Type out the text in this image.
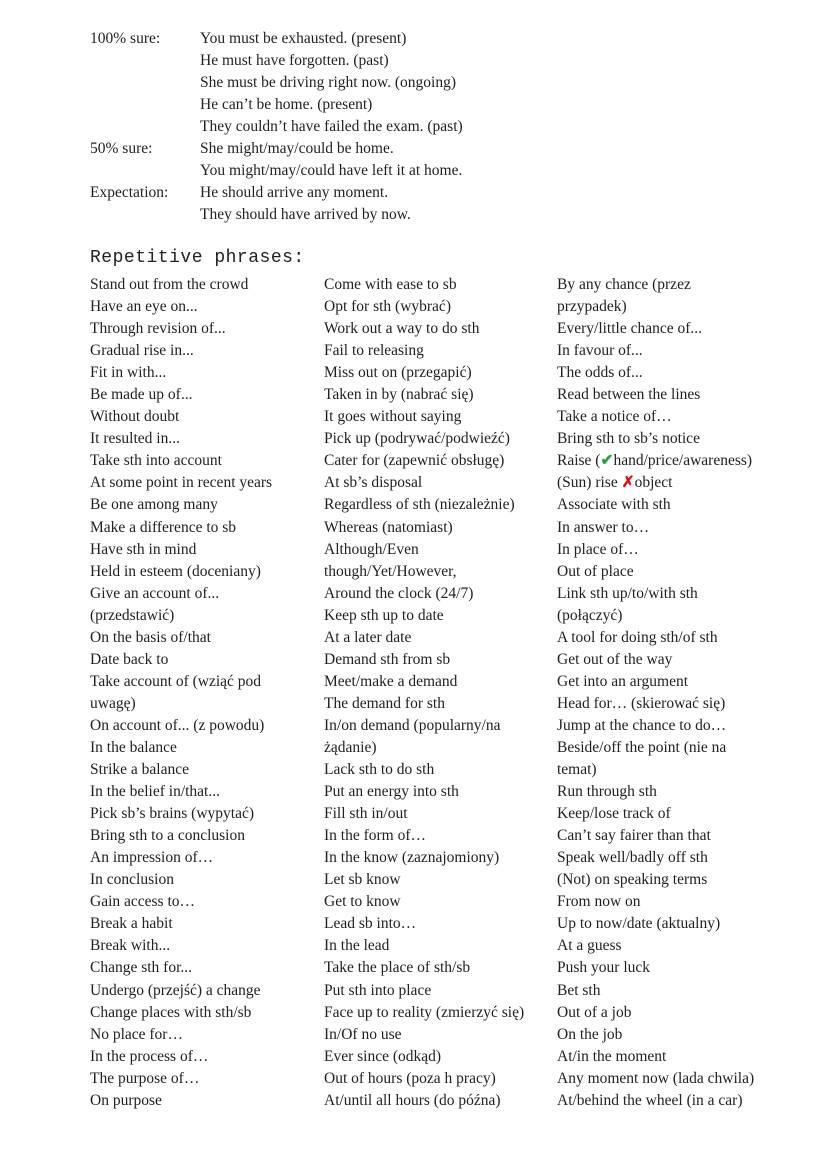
100% sure:	You must be exhausted. (present)
He must have forgotten. (past)
She must be driving right now. (ongoing)
He can’t be home. (present)
They couldn’t have failed the exam. (past)
50% sure:	She might/may/could be home.
You might/may/could have left it at home.
Expectation: He should arrive any moment.
They should have arrived by now.
Repetitive phrases:
Stand out from the crowd
Have an eye on...
Through revision of...
Gradual rise in...
Fit in with...
Be made up of...
Without doubt
It resulted in...
Take sth into account
At some point in recent years
Be one among many
Make a difference to sb
Have sth in mind
Held in esteem (doceniany)
Give an account of...
(przedstawić)
On the basis of/that
Date back to
Take account of (wziąć pod
uwagę)
On account of... (z powodu)
In the balance
Strike a balance
In the belief in/that...
Pick sb’s brains (wypytać)
Bring sth to a conclusion
An impression of…
In conclusion
Gain access to…
Break a habit
Break with...
Change sth for...
Undergo (przejść) a change
Change places with sth/sb
No place for…
In the process of…
The purpose of…
On purpose
Come with ease to sb
Opt for sth (wybrać)
Work out a way to do sth
Fail to releasing
Miss out on (przegapić)
Taken in by (nabrać się)
It goes without saying
Pick up (podrywać/podwieźć)
Cater for (zapewnić obsługę)
At sb’s disposal
Regardless of sth (niezależnie)
Whereas (natomiast)
Although/Even
though/Yet/However,
Around the clock (24/7)
Keep sth up to date
At a later date
Demand sth from sb
Meet/make a demand
The demand for sth
In/on demand (popularny/na
żądanie)
Lack sth to do sth
Put an energy into sth
Fill sth in/out
In the form of…
In the know (zaznajomiony)
Let sb know
Get to know
Lead sb into…
In the lead
Take the place of sth/sb
Put sth into place
Face up to reality (zmierzyć się)
In/Of no use
Ever since (odkąd)
Out of hours (poza h pracy)
At/until all hours (do późna)
By any chance (przez
przypadek)
Every/little chance of...
In favour of...
The odds of...
Read between the lines
Take a notice of…
Bring sth to sb’s notice
Raise (✔hand/price/awareness)
(Sun) rise ✗object
Associate with sth
In answer to…
In place of…
Out of place
Link sth up/to/with sth
(połączyć)
A tool for doing sth/of sth
Get out of the way
Get into an argument
Head for… (skierować się)
Jump at the chance to do…
Beside/off the point (nie na
temat)
Run through sth
Keep/lose track of
Can’t say fairer than that
Speak well/badly off sth
(Not) on speaking terms
From now on
Up to now/date (aktualny)
At a guess
Push your luck
Bet sth
Out of a job
On the job
At/in the moment
Any moment now (lada chwila)
At/behind the wheel (in a car)
